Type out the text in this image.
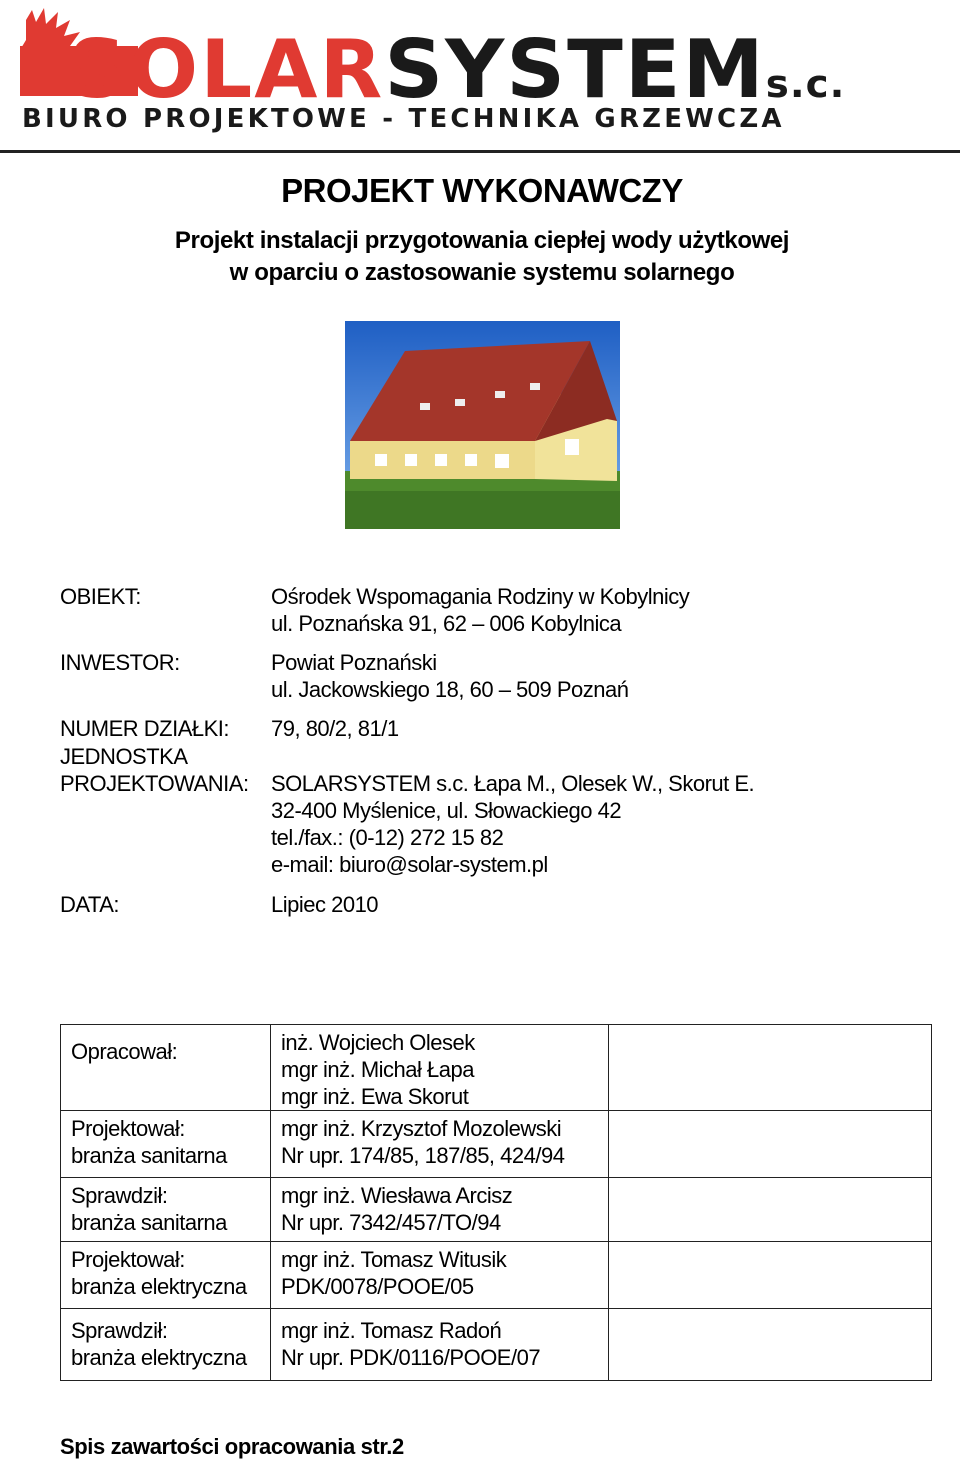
SOLARSYSTEMs.c.
BIURO PROJEKTOWE - TECHNIKA GRZEWCZA
PROJEKT WYKONAWCZY
Projekt instalacji przygotowania ciepłej wody użytkowej
w oparciu o zastosowanie systemu solarnego
OBIEKT:	Ośrodek Wspomagania Rodziny w Kobylnicy
ul. Poznańska 91, 62 – 006 Kobylnica
INWESTOR:	Powiat Poznański
ul. Jackowskiego 18, 60 – 509 Poznań
NUMER DZIAŁKI: 79, 80/2, 81/1
JEDNOSTKA
PROJEKTOWANIA: SOLARSYSTEM s.c. Łapa M., Olesek W., Skorut E.
32-400 Myślenice, ul. Słowackiego 42
tel./fax.: (0-12) 272 15 82
e-mail: biuro@solar-system.pl
DATA:	Lipiec 2010
Opracował:	inż. Wojciech Olesek
mgr inż. Michał Łapa
mgr inż. Ewa Skorut	

Projektował:
branża sanitarna	mgr inż. Krzysztof Mozolewski
Nr upr. 174/85, 187/85, 424/94	

Sprawdził:
branża sanitarna	mgr inż. Wiesława Arcisz
Nr upr. 7342/457/TO/94	

Projektował:
branża elektryczna	mgr inż. Tomasz Witusik
PDK/0078/POOE/05	

Sprawdził:
branża elektryczna	mgr inż. Tomasz Radoń
Nr upr. PDK/0116/POOE/07	

Spis zawartości opracowania str.2
